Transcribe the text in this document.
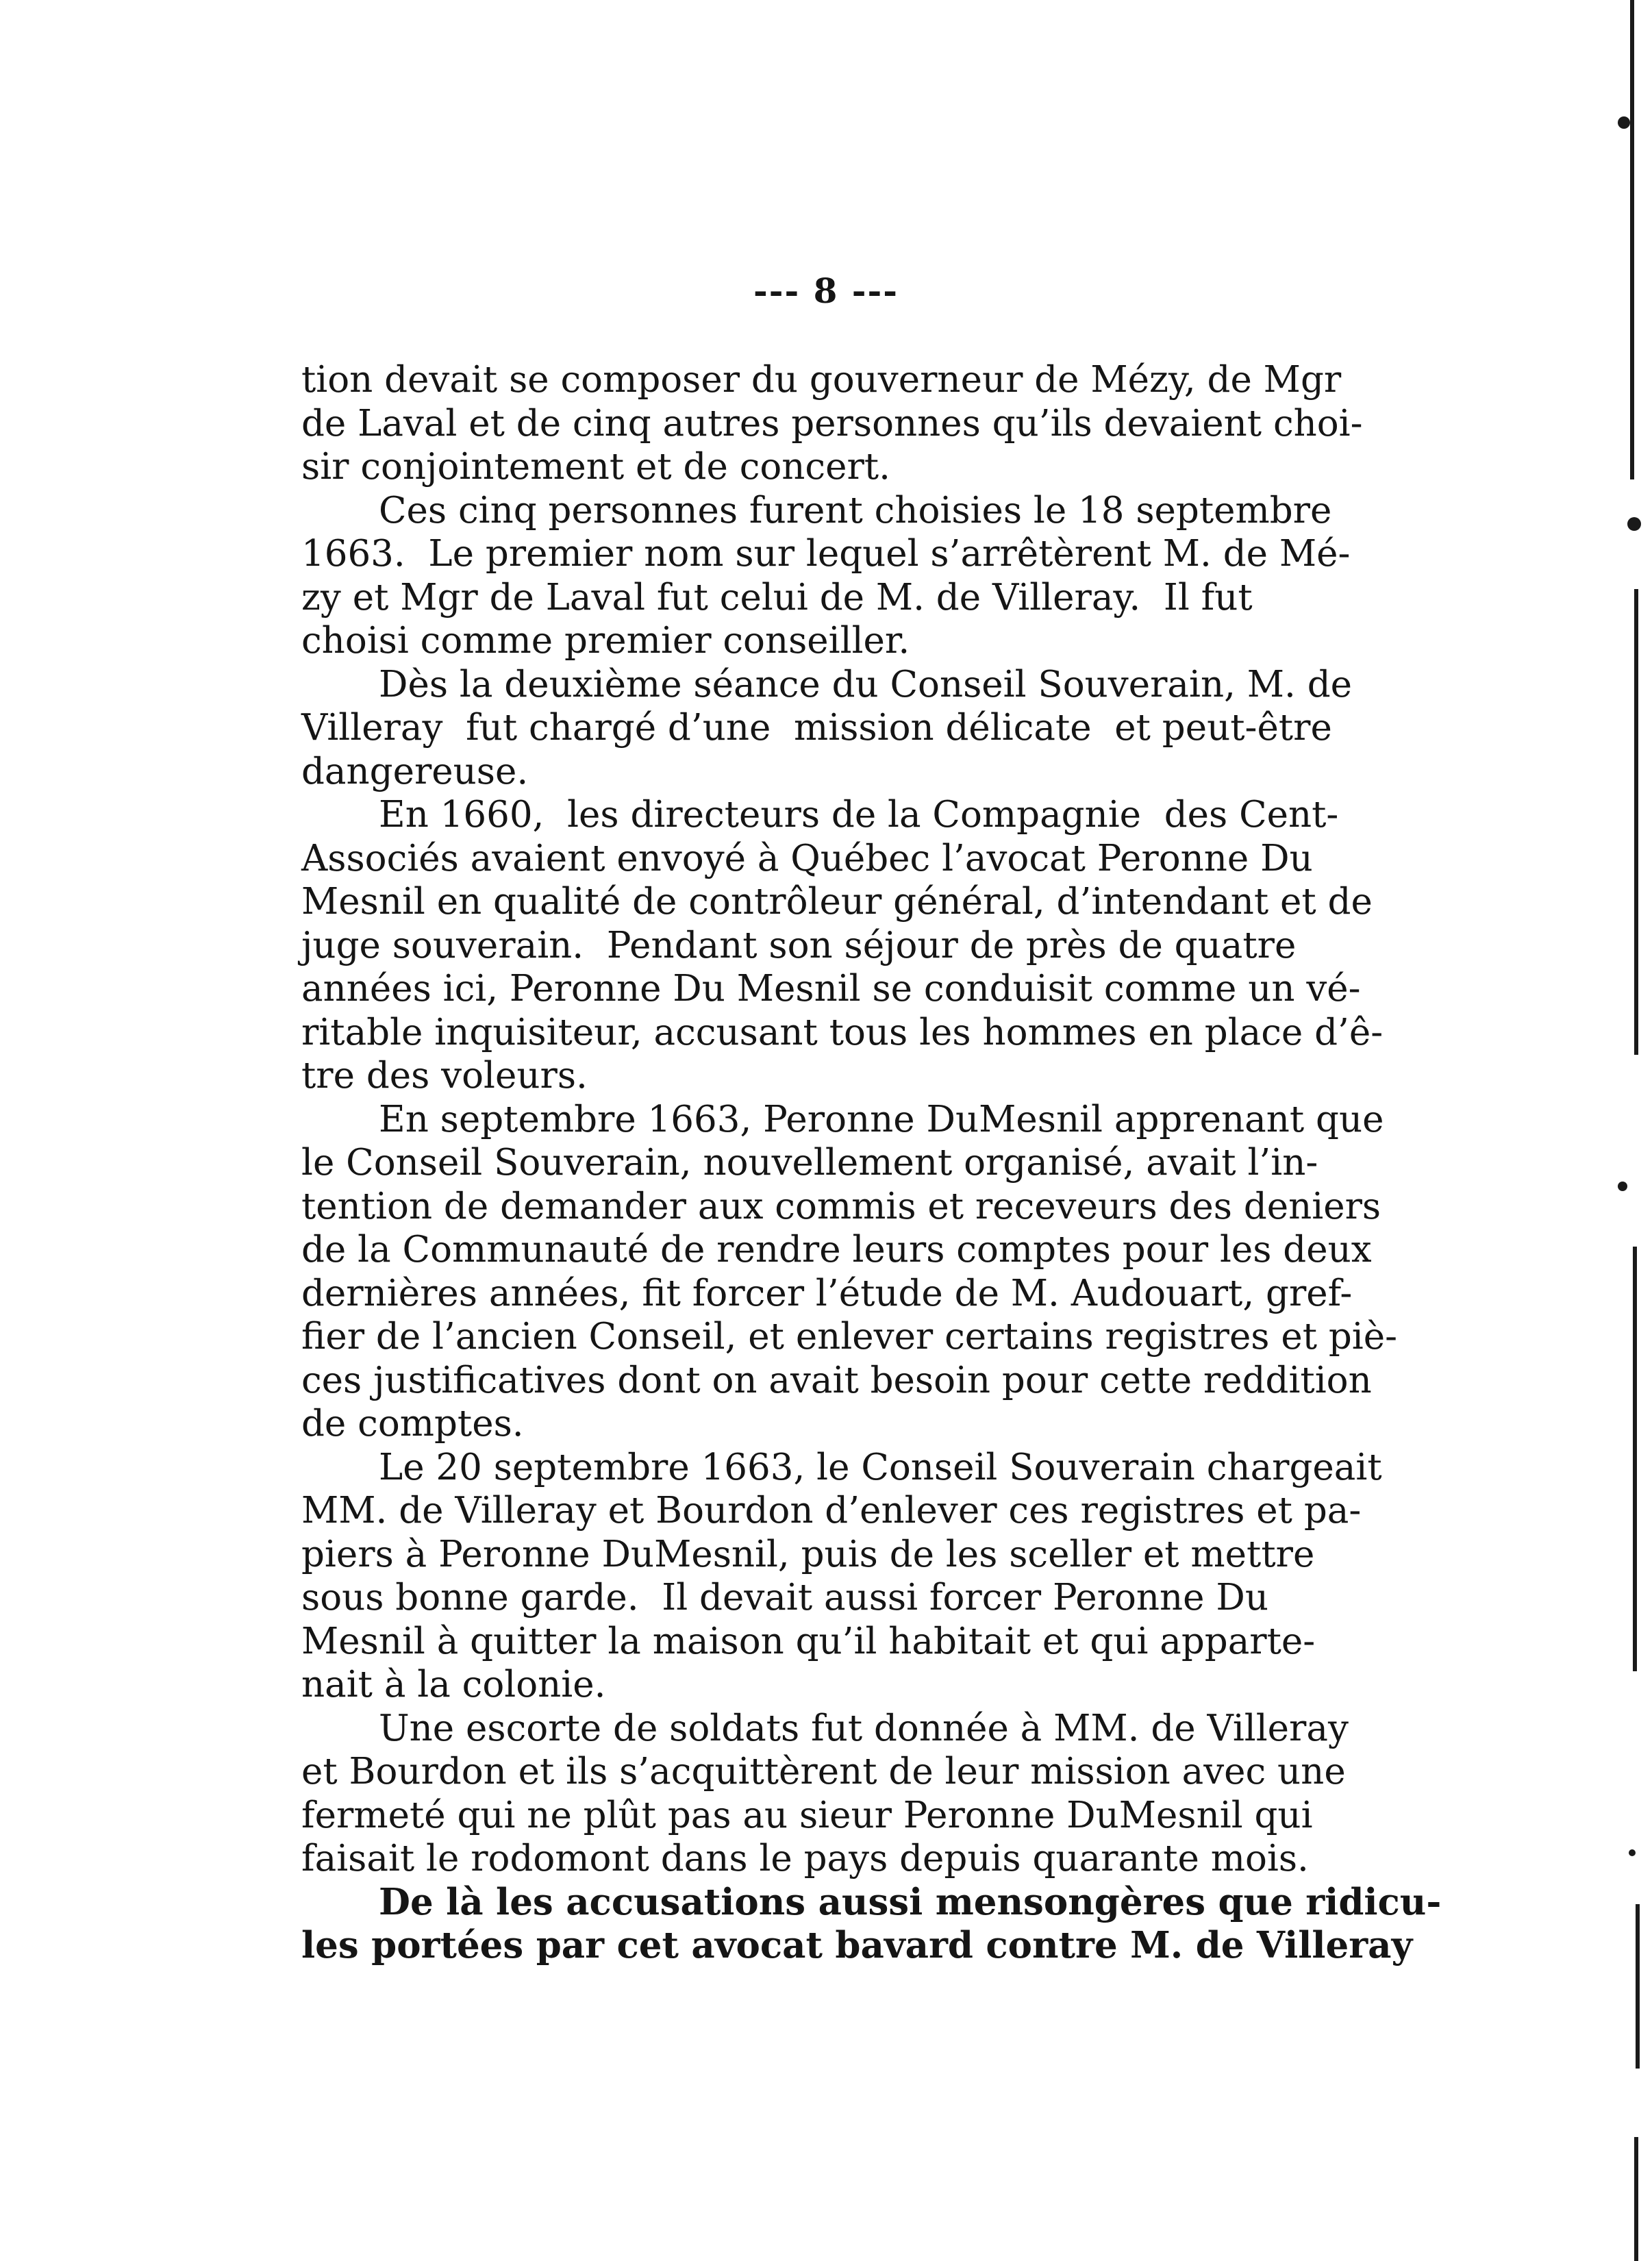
--- 8 ---

tion devait se composer du gouverneur de Mézy, de Mgr
de Laval et de cinq autres personnes qu’ils devaient choi-
sir conjointement et de concert.

Ces cinq personnes furent choisies le 18 septembre
1663.  Le premier nom sur lequel s’arrêtèrent M. de Mé-
zy et Mgr de Laval fut celui de M. de Villeray.  Il fut
choisi comme premier conseiller.

Dès la deuxième séance du Conseil Souverain, M. de
Villeray  fut chargé d’une  mission délicate  et peut-être
dangereuse.

En 1660,  les directeurs de la Compagnie  des Cent-
Associés avaient envoyé à Québec l’avocat Peronne Du
Mesnil en qualité de contrôleur général, d’intendant et de
juge souverain.  Pendant son séjour de près de quatre
années ici, Peronne Du Mesnil se conduisit comme un vé-
ritable inquisiteur, accusant tous les hommes en place d’ê-
tre des voleurs.

En septembre 1663, Peronne DuMesnil apprenant que
le Conseil Souverain, nouvellement organisé, avait l’in-
tention de demander aux commis et receveurs des deniers
de la Communauté de rendre leurs comptes pour les deux
dernières années, fit forcer l’étude de M. Audouart, gref-
fier de l’ancien Conseil, et enlever certains registres et piè-
ces justificatives dont on avait besoin pour cette reddition
de comptes.

Le 20 septembre 1663, le Conseil Souverain chargeait
MM. de Villeray et Bourdon d’enlever ces registres et pa-
piers à Peronne DuMesnil, puis de les sceller et mettre
sous bonne garde.  Il devait aussi forcer Peronne Du
Mesnil à quitter la maison qu’il habitait et qui apparte-
nait à la colonie.

Une escorte de soldats fut donnée à MM. de Villeray
et Bourdon et ils s’acquittèrent de leur mission avec une
fermeté qui ne plût pas au sieur Peronne DuMesnil qui
faisait le rodomont dans le pays depuis quarante mois.

De là les accusations aussi mensongères que ridicu-
les portées par cet avocat bavard contre M. de Villeray
